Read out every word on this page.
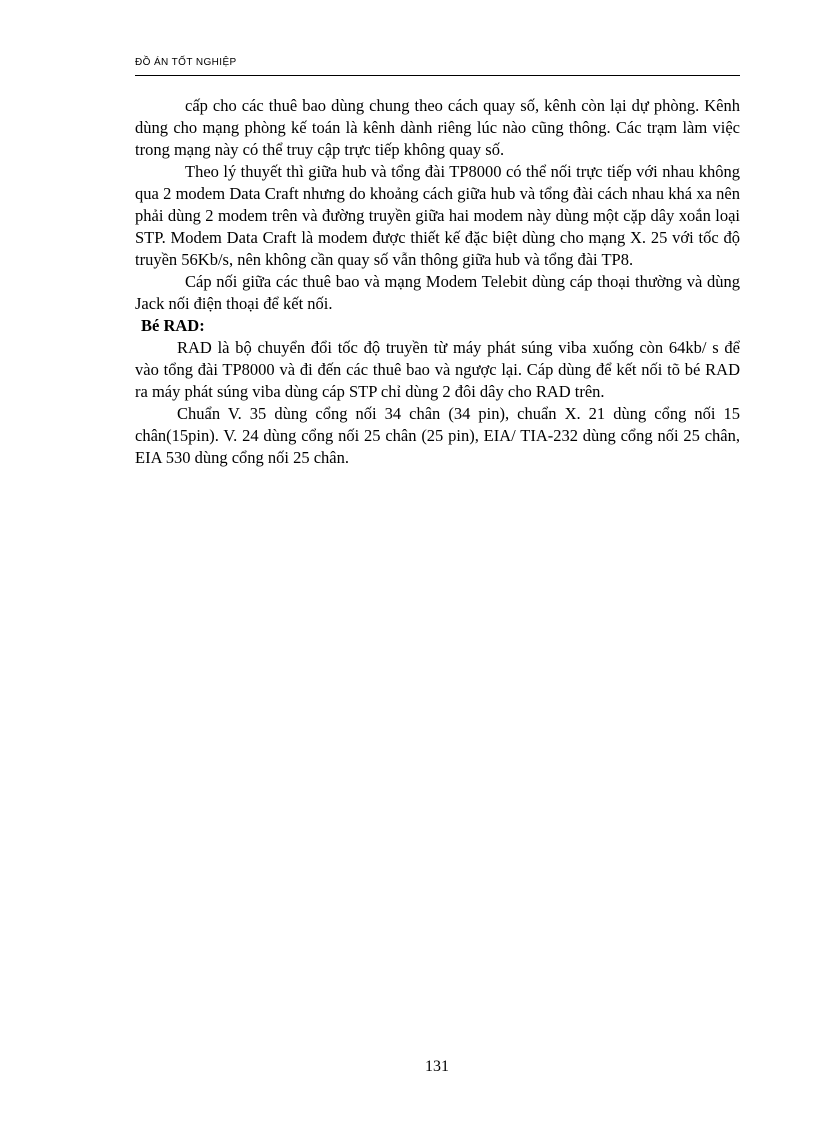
ĐỒ ÁN TỐT NGHIỆP

cấp cho các thuê bao dùng chung theo cách quay số, kênh còn lại dự phòng. Kênh dùng cho mạng phòng kế toán là kênh dành riêng lúc nào cũng thông. Các trạm làm việc trong mạng này có thể truy cập trực tiếp không quay số.

Theo lý thuyết thì giữa hub và tổng đài TP8000 có thể nối trực tiếp với nhau không qua 2 modem Data Craft nhưng do khoảng cách giữa hub và tổng đài cách nhau khá xa nên phải dùng 2 modem trên và đường truyền giữa hai modem này dùng một cặp dây xoắn loại STP. Modem Data Craft là modem được thiết kế đặc biệt dùng cho mạng X. 25 với tốc độ truyền 56Kb/s, nên không cần quay số vẫn thông giữa hub và tổng đài TP8.

Cáp nối giữa các thuê bao và mạng Modem Telebit dùng cáp thoại thường và dùng Jack nối điện thoại để kết nối.

Bé RAD:

RAD là bộ chuyển đổi tốc độ truyền từ máy phát súng viba xuống còn 64kb/ s để vào tổng đài TP8000 và đi đến các thuê bao và ngược lại. Cáp dùng để kết nối tõ bé RAD ra máy phát súng viba dùng cáp STP chỉ dùng 2 đôi dây cho RAD trên.

Chuẩn V. 35 dùng cổng nối 34 chân (34 pin), chuẩn X. 21 dùng cổng nối 15 chân(15pin). V. 24 dùng cổng nối 25 chân (25 pin), EIA/ TIA-232 dùng cổng nối 25 chân, EIA 530 dùng cổng nối 25 chân.

131
